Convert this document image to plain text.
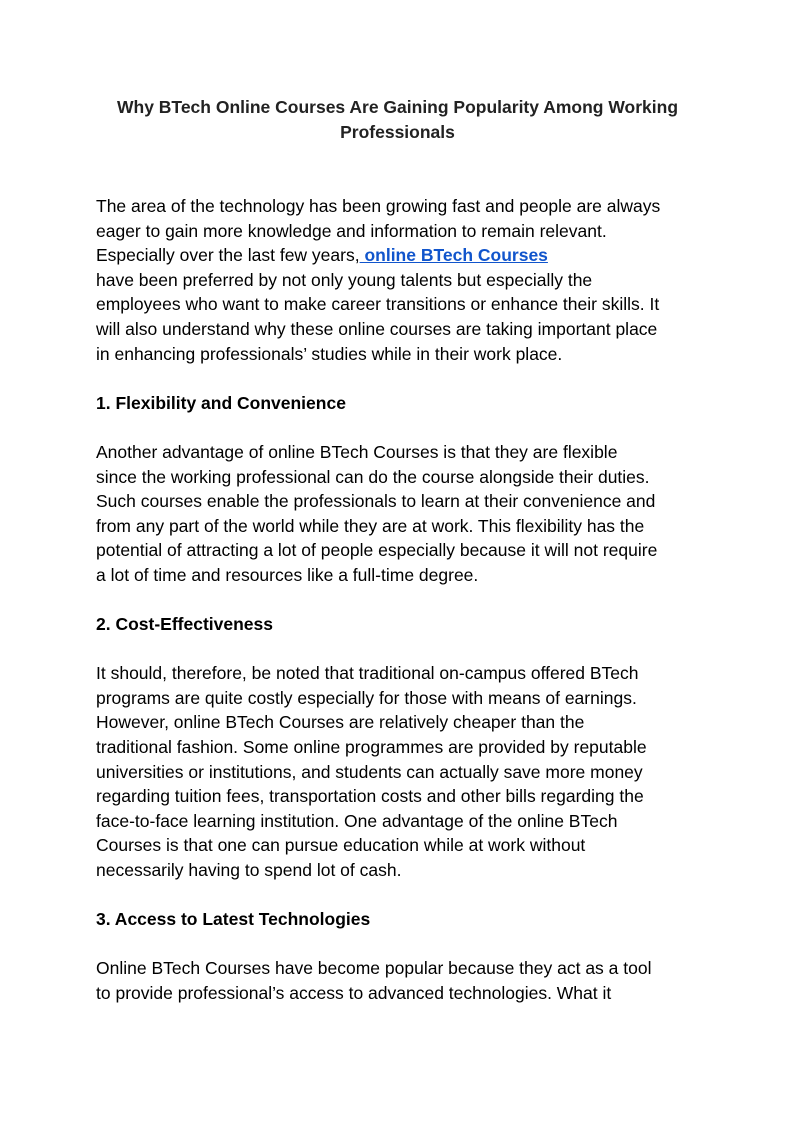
Why BTech Online Courses Are Gaining Popularity Among Working
Professionals

The area of the technology has been growing fast and people are always
eager to gain more knowledge and information to remain relevant.
Especially over the last few years, online BTech Courses
have been preferred by not only young talents but especially the
employees who want to make career transitions or enhance their skills. It
will also understand why these online courses are taking important place
in enhancing professionals’ studies while in their work place.

1. Flexibility and Convenience

Another advantage of online BTech Courses is that they are flexible
since the working professional can do the course alongside their duties.
Such courses enable the professionals to learn at their convenience and
from any part of the world while they are at work. This flexibility has the
potential of attracting a lot of people especially because it will not require
a lot of time and resources like a full-time degree.

2. Cost-Effectiveness

It should, therefore, be noted that traditional on-campus offered BTech
programs are quite costly especially for those with means of earnings.
However, online BTech Courses are relatively cheaper than the
traditional fashion. Some online programmes are provided by reputable
universities or institutions, and students can actually save more money
regarding tuition fees, transportation costs and other bills regarding the
face-to-face learning institution. One advantage of the online BTech
Courses is that one can pursue education while at work without
necessarily having to spend lot of cash.

3. Access to Latest Technologies

Online BTech Courses have become popular because they act as a tool
to provide professional’s access to advanced technologies. What it
